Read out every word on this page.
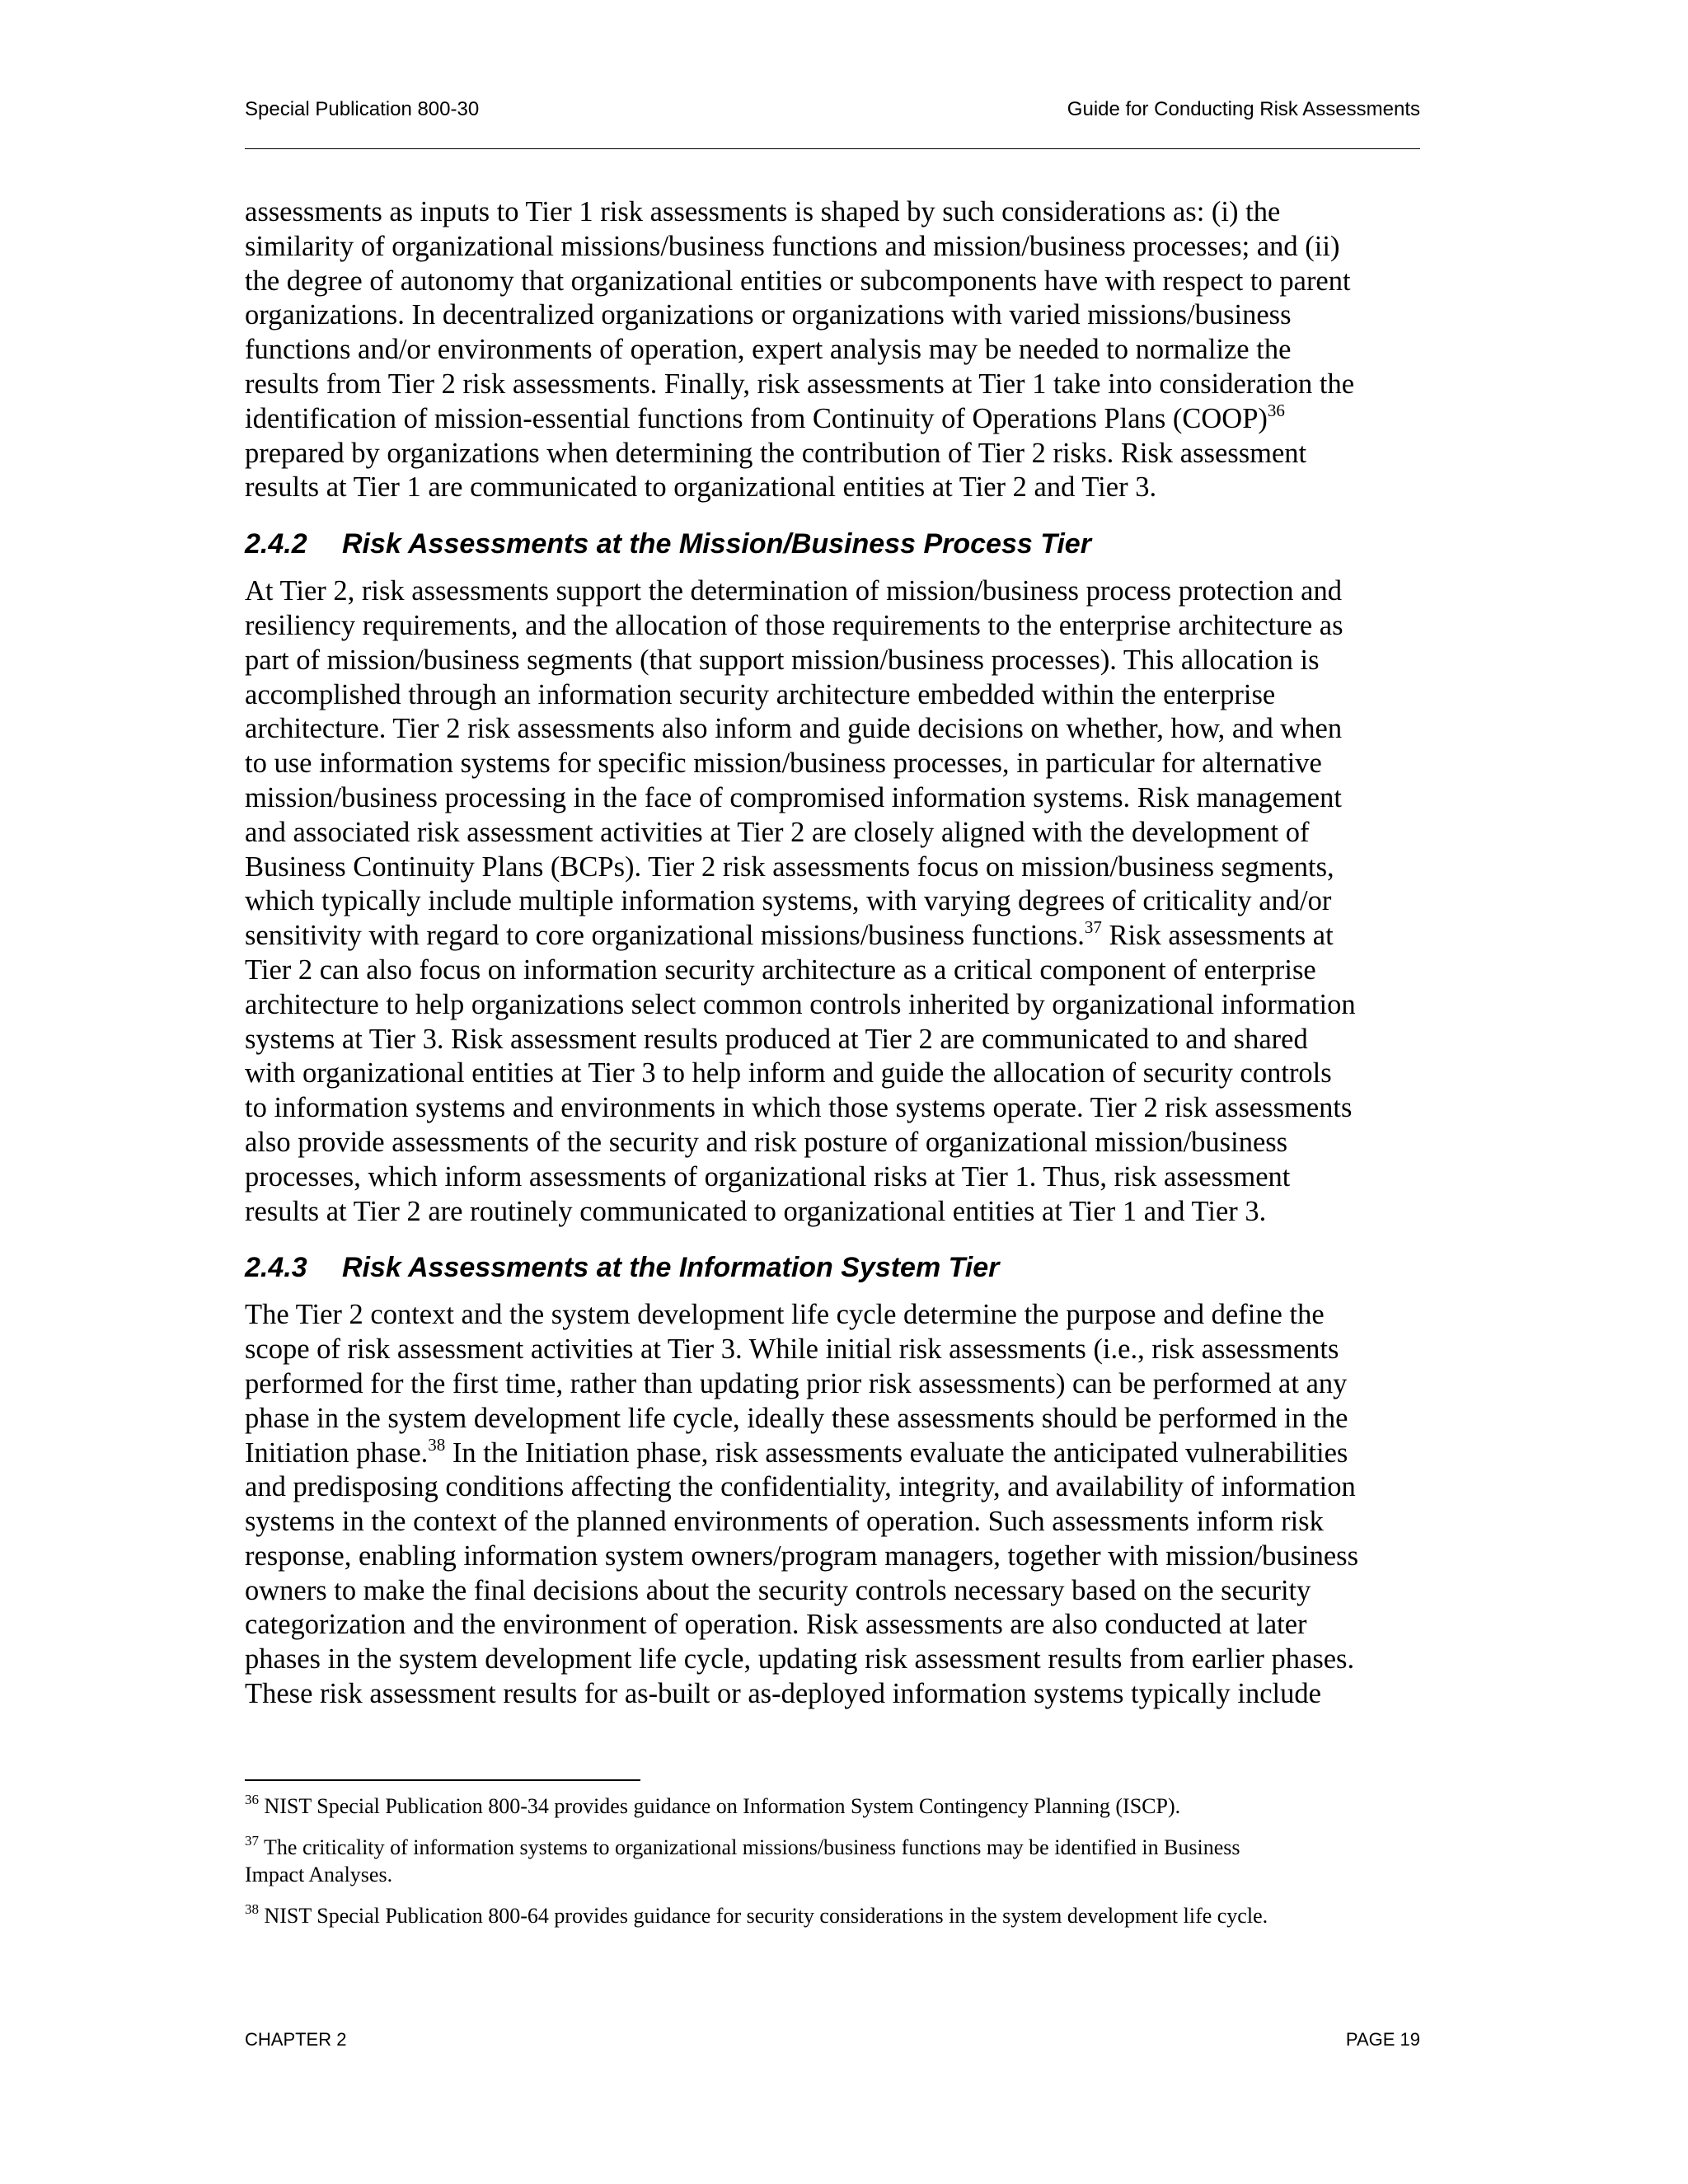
Special Publication 800-30	Guide for Conducting Risk Assessments

assessments as inputs to Tier 1 risk assessments is shaped by such considerations as: (i) the
similarity of organizational missions/business functions and mission/business processes; and (ii)
the degree of autonomy that organizational entities or subcomponents have with respect to parent
organizations. In decentralized organizations or organizations with varied missions/business
functions and/or environments of operation, expert analysis may be needed to normalize the
results from Tier 2 risk assessments. Finally, risk assessments at Tier 1 take into consideration the
identification of mission-essential functions from Continuity of Operations Plans (COOP)$^{36}$
prepared by organizations when determining the contribution of Tier 2 risks. Risk assessment
results at Tier 1 are communicated to organizational entities at Tier 2 and Tier 3.

2.4.2 Risk Assessments at the Mission/Business Process Tier

At Tier 2, risk assessments support the determination of mission/business process protection and
resiliency requirements, and the allocation of those requirements to the enterprise architecture as
part of mission/business segments (that support mission/business processes). This allocation is
accomplished through an information security architecture embedded within the enterprise
architecture. Tier 2 risk assessments also inform and guide decisions on whether, how, and when
to use information systems for specific mission/business processes, in particular for alternative
mission/business processing in the face of compromised information systems. Risk management
and associated risk assessment activities at Tier 2 are closely aligned with the development of
Business Continuity Plans (BCPs). Tier 2 risk assessments focus on mission/business segments,
which typically include multiple information systems, with varying degrees of criticality and/or
sensitivity with regard to core organizational missions/business functions.$^{37}$ Risk assessments at
Tier 2 can also focus on information security architecture as a critical component of enterprise
architecture to help organizations select common controls inherited by organizational information
systems at Tier 3. Risk assessment results produced at Tier 2 are communicated to and shared
with organizational entities at Tier 3 to help inform and guide the allocation of security controls
to information systems and environments in which those systems operate. Tier 2 risk assessments
also provide assessments of the security and risk posture of organizational mission/business
processes, which inform assessments of organizational risks at Tier 1. Thus, risk assessment
results at Tier 2 are routinely communicated to organizational entities at Tier 1 and Tier 3.

2.4.3 Risk Assessments at the Information System Tier

The Tier 2 context and the system development life cycle determine the purpose and define the
scope of risk assessment activities at Tier 3. While initial risk assessments (i.e., risk assessments
performed for the first time, rather than updating prior risk assessments) can be performed at any
phase in the system development life cycle, ideally these assessments should be performed in the
Initiation phase.$^{38}$ In the Initiation phase, risk assessments evaluate the anticipated vulnerabilities
and predisposing conditions affecting the confidentiality, integrity, and availability of information
systems in the context of the planned environments of operation. Such assessments inform risk
response, enabling information system owners/program managers, together with mission/business
owners to make the final decisions about the security controls necessary based on the security
categorization and the environment of operation. Risk assessments are also conducted at later
phases in the system development life cycle, updating risk assessment results from earlier phases.
These risk assessment results for as-built or as-deployed information systems typically include

$^{36}$ NIST Special Publication 800-34 provides guidance on Information System Contingency Planning (ISCP).
$^{37}$ The criticality of information systems to organizational missions/business functions may be identified in Business
Impact Analyses.
$^{38}$ NIST Special Publication 800-64 provides guidance for security considerations in the system development life cycle.
CHAPTER 2	PAGE 19
